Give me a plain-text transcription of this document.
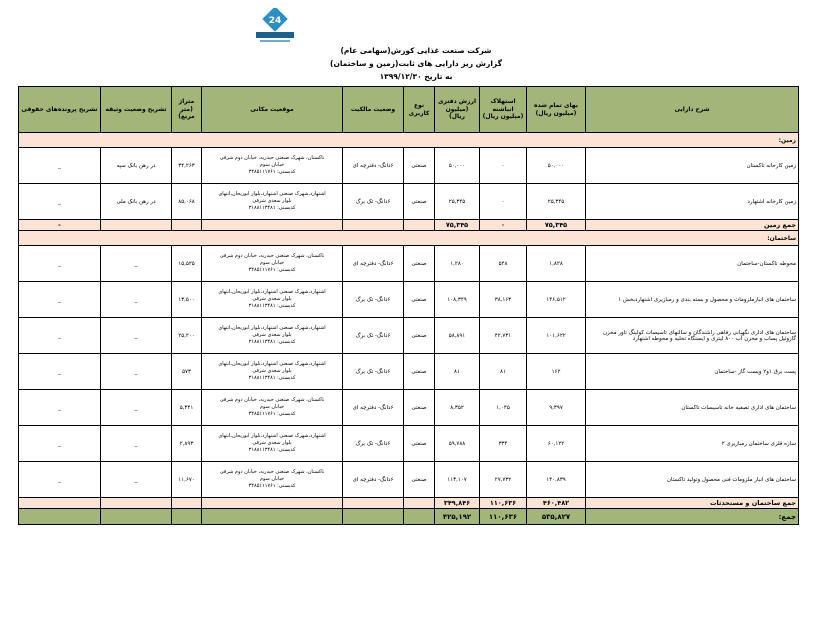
24
شرکت صنعت غذایی کورش(سهامی عام)
گزارش ریز دارایی های ثابت(زمین و ساختمان)
به تاریخ ۱۳۹۹/۱۲/۳۰
شرح دارایی	بهای تمام شده (میلیون ریال)	استهلاک انباشته (میلیون ریال)	ارزش دفتری (میلیون ریال)	نوع کاربری	وضعیت مالکیت	موقعیت مکانی	متراژ (متر مربع)	تشریح وضعیت وثیقه	تشریح پرونده‌های حقوقی
زمین:									
زمین کارخانه تاکستان	۵۰,۰۰۰	۰	۵۰,۰۰۰	صنعتی	۶دانگ- دفترچه ای	تاکستان، شهرک صنعتی حیدریه، خیابان دوم شرقی
خیابان سوم
کدپستی: ۳۴۸۵۱۱۱۷۶۱	۳۴,۲۶۳	در رهن بانک سپه	_
زمین کارخانه اشتهارد	۲۵,۳۴۵	۰	۲۵,۳۴۵	صنعتی	۶دانگ- تک برگ	اشتهارد،شهرک صنعتی اشتهارد،بلوار ابوریحان،انتهای
بلوار سعدی شرقی
کدپستی: ۳۱۸۸۱۱۳۴۸۱	۸۵,۰۶۸	در رهن بانک ملی	_
جمع زمین	۷۵,۳۴۵	۰	۷۵,۳۴۵						-
ساختمان:									
محوطه تاکستان-ساختمان	۱,۸۲۸	۵۴۸	۱,۲۸۰	صنعتی	۶دانگ- دفترچه ای	تاکستان، شهرک صنعتی حیدریه، خیابان دوم شرقی
خیابان سوم
کدپستی: ۳۴۸۵۱۱۱۷۶۱	۱۵,۵۲۵	_	_
ساختمان های انبارملزومات و محصول و بسته بندی و رمبازیری اشتهاردبخش ۱	۱۴۶,۵۱۲	۳۸,۱۶۳	۱۰۸,۳۴۹	صنعتی	۶دانگ- تک برگ	اشتهارد،شهرک صنعتی اشتهارد،بلوار ابوریحان،انتهای
بلوار سعدی شرقی
کدپستی: ۳۱۸۸۱۱۳۴۸۱	۱۳,۵۰۰	_	_
ساختمان های اداری نگهبانی رفاهی راشندگان و سالنهای تاسیسات کولینگ تاور مخزن گازوئیل پساب و مخزن آب ۸۰۰ لیتری و ایستگاه تخلیه و محوطه اشتهارد	۱۰۱,۶۲۲	۴۲,۷۳۱	۵۸,۸۹۱	صنعتی	۶دانگ- تک برگ	اشتهارد،شهرک صنعتی اشتهارد،بلوار ابوریحان،انتهای
بلوار سعدی شرقی
کدپستی: ۳۱۸۸۱۱۳۴۸۱	۲۵,۲۰۰	_	_
پست برق ۱و۲ ویست گاز -ساختمان	۱۶۲	۸۱	۸۱	صنعتی	۶دانگ- تک برگ	اشتهارد،شهرک صنعتی اشتهارد،بلوار ابوریحان،انتهای
بلوار سعدی شرقی
کدپستی: ۳۱۸۸۱۱۳۴۸۱	۵۷۳	_	_
ساختمان های اداری تصفیه خانه تاسیسات تاکستان	۹,۳۹۷	۱,۰۴۵	۸,۳۵۲	صنعتی	۶دانگ- دفترچه ای	تاکستان، شهرک صنعتی حیدریه، خیابان دوم شرقی
خیابان سوم
کدپستی: ۳۴۸۵۱۱۱۷۶۱	۵,۳۴۱	_	_
سازه فلزی ساختمان رمبازیری ۲	۶۰,۱۲۲	۳۳۴	۵۹,۷۸۸	صنعتی	۶دانگ- تک برگ	اشتهارد،شهرک صنعتی اشتهارد،بلوار ابوریحان،انتهای
بلوار سعدی شرقی
کدپستی: ۳۱۸۸۱۱۳۴۸۱	۲,۸۹۳	_	_
ساختمان های انبار ملزومات فنی محصول وتولید تاکستان	۱۴۰,۸۳۹	۲۷,۷۳۲	۱۱۳,۱۰۷	صنعتی	۶دانگ- دفترچه ای	تاکستان، شهرک صنعتی حیدریه، خیابان دوم شرقی
خیابان سوم
کدپستی: ۳۴۸۵۱۱۱۷۶۱	۱۱,۶۷۰	_	_
جمع ساختمان و مستحدثات	۴۶۰,۴۸۲	۱۱۰,۶۳۶	۳۴۹,۸۴۶						
جمع:	۵۳۵,۸۲۷	۱۱۰,۶۳۶	۴۲۵,۱۹۲						
